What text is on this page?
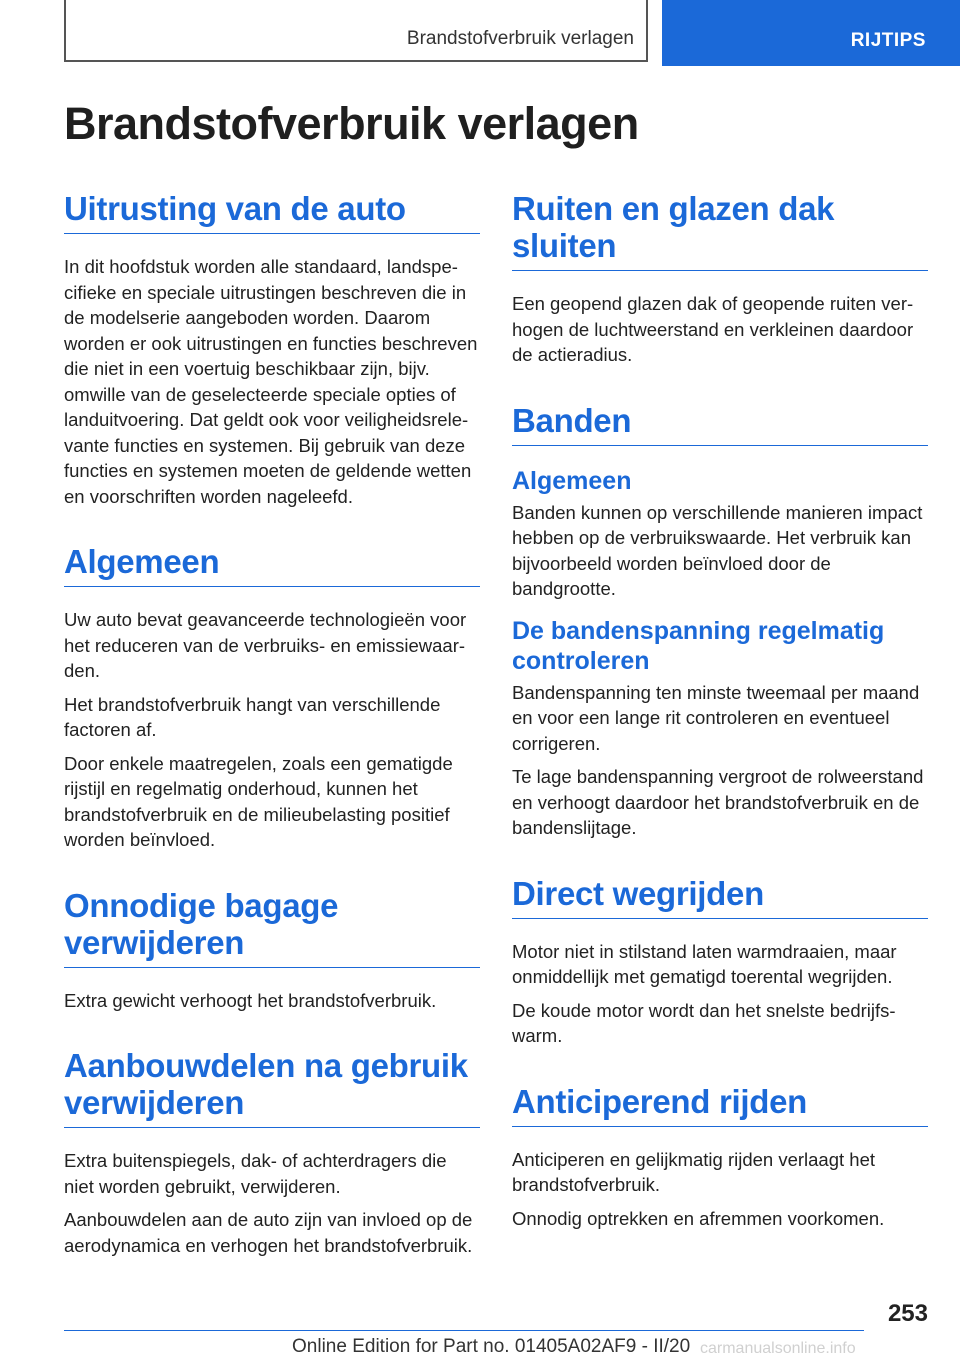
Brandstofverbruik verlagen	RIJTIPS
Brandstofverbruik verlagen
Uitrusting van de auto

In dit hoofdstuk worden alle standaard, landspecifieke en speciale uitrustingen beschreven die in de modelserie aangeboden worden. Daarom worden er ook uitrustingen en functies beschreven die niet in een voertuig beschikbaar zijn, bijv. omwille van de geselecteerde speciale opties of landuitvoering. Dat geldt ook voor veiligheidsrelevante functies en systemen. Bij gebruik van deze functies en systemen moeten de geldende wetten en voorschriften worden nageleefd.

Algemeen

Uw auto bevat geavanceerde technologieën voor het reduceren van de verbruiks- en emissiewaarden.

Het brandstofverbruik hangt van verschillende factoren af.

Door enkele maatregelen, zoals een gematigde rijstijl en regelmatig onderhoud, kunnen het brandstofverbruik en de milieubelasting positief worden beïnvloed.

Onnodige bagage verwijderen

Extra gewicht verhoogt het brandstofverbruik.

Aanbouwdelen na gebruik verwijderen

Extra buitenspiegels, dak- of achterdragers die niet worden gebruikt, verwijderen.

Aanbouwdelen aan de auto zijn van invloed op de aerodynamica en verhogen het brandstofverbruik.

Ruiten en glazen dak sluiten

Een geopend glazen dak of geopende ruiten verhogen de luchtweerstand en verkleinen daardoor de actieradius.

Banden
Algemeen

Banden kunnen op verschillende manieren impact hebben op de verbruikswaarde. Het verbruik kan bijvoorbeeld worden beïnvloed door de bandgrootte.

De bandenspanning regelmatig controleren

Bandenspanning ten minste tweemaal per maand en voor een lange rit controleren en eventueel corrigeren.

Te lage bandenspanning vergroot de rolweerstand en verhoogt daardoor het brandstofverbruik en de bandenslijtage.

Direct wegrijden

Motor niet in stilstand laten warmdraaien, maar onmiddellijk met gematigd toerental wegrijden.

De koude motor wordt dan het snelste bedrijfswarm.

Anticiperend rijden

Anticiperen en gelijkmatig rijden verlaagt het brandstofverbruik.

Onnodig optrekken en afremmen voorkomen.

253
Online Edition for Part no. 01405A02AF9 - II/20 carmanualsonline.info
